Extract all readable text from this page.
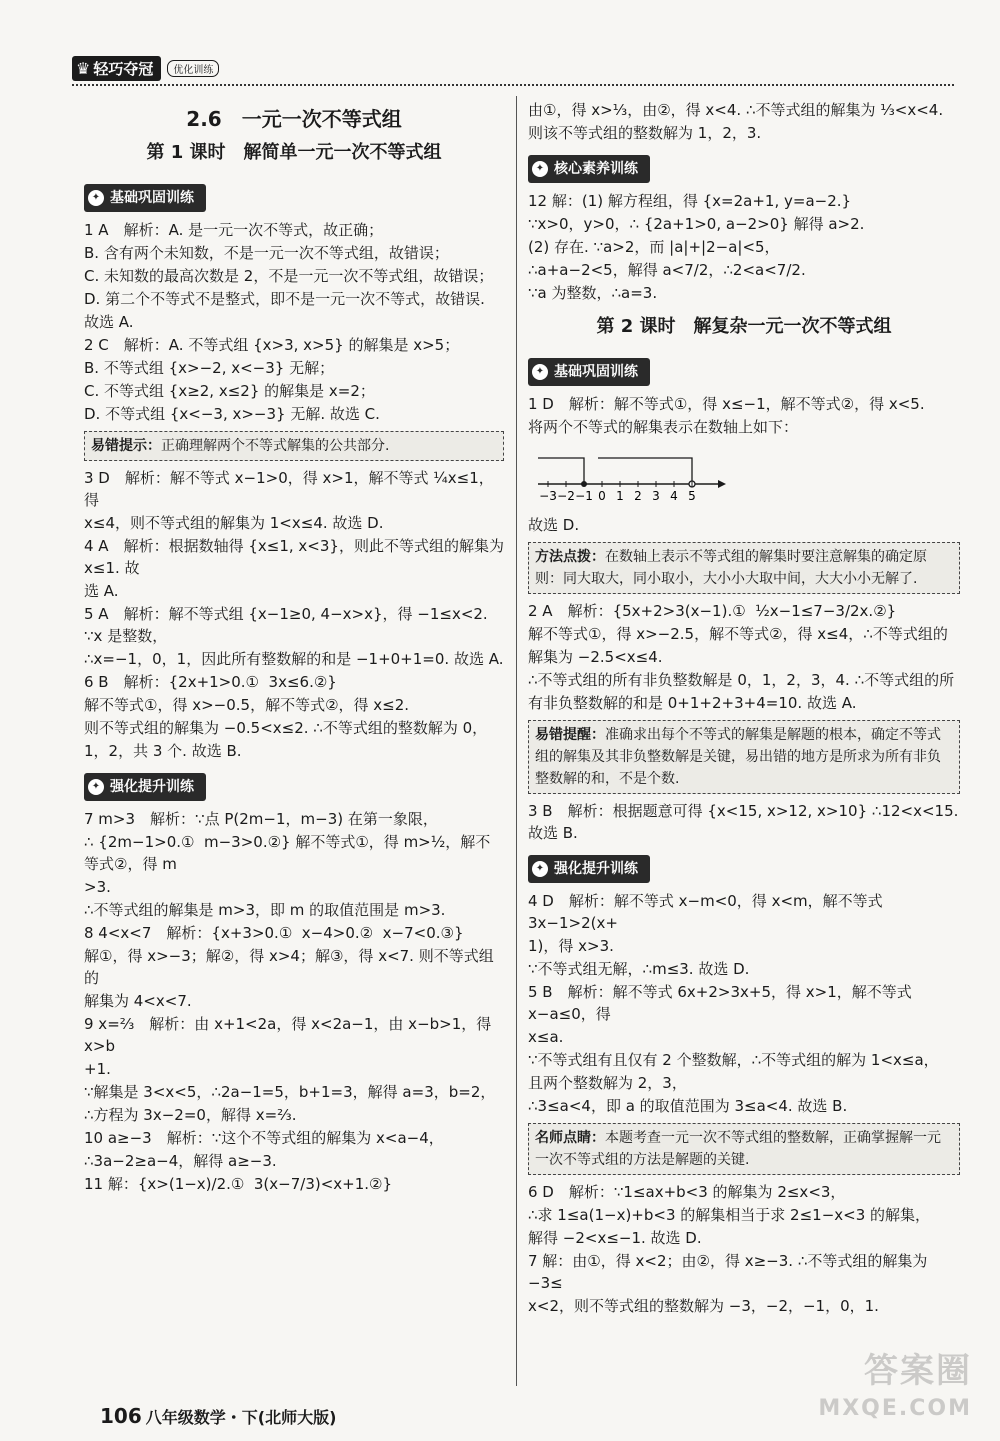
♛ 轻巧夺冠	优化训练
2.6　一元一次不等式组
第 1 课时　解简单一元一次不等式组
✦ 基础巩固训练
1 A　解析：A. 是一元一次不等式，故正确；
B. 含有两个未知数，不是一元一次不等式组，故错误；
C. 未知数的最高次数是 2，不是一元一次不等式组，故错误；
D. 第二个不等式不是整式，即不是一元一次不等式，故错误.
故选 A.
2 C　解析：A. 不等式组 {x>3, x>5} 的解集是 x>5；
B. 不等式组 {x>−2, x<−3} 无解；
C. 不等式组 {x≥2, x≤2} 的解集是 x=2；
D. 不等式组 {x<−3, x>−3} 无解. 故选 C.
易错提示：正确理解两个不等式解集的公共部分.
3 D　解析：解不等式 x−1>0，得 x>1，解不等式 ¼x≤1，得
x≤4，则不等式组的解集为 1<x≤4. 故选 D.
4 A　解析：根据数轴得 {x≤1, x<3}，则此不等式组的解集为 x≤1. 故
选 A.
5 A　解析：解不等式组 {x−1≥0, 4−x>x}，得 −1≤x<2. ∵x 是整数，
∴x=−1，0，1，因此所有整数解的和是 −1+0+1=0. 故选 A.
6 B　解析：{2x+1>0.①  3x≤6.②}
解不等式①，得 x>−0.5，解不等式②，得 x≤2.
则不等式组的解集为 −0.5<x≤2. ∴不等式组的整数解为 0，
1，2，共 3 个. 故选 B.
✦ 强化提升训练
7 m>3　解析：∵点 P(2m−1，m−3) 在第一象限，
∴ {2m−1>0.①  m−3>0.②} 解不等式①，得 m>½，解不等式②，得 m
>3.
∴不等式组的解集是 m>3，即 m 的取值范围是 m>3.
8 4<x<7　解析：{x+3>0.①  x−4>0.②  x−7<0.③}
解①，得 x>−3；解②，得 x>4；解③，得 x<7. 则不等式组的
解集为 4<x<7.
9 x=⅔　解析：由 x+1<2a，得 x<2a−1，由 x−b>1，得 x>b
+1.
∵解集是 3<x<5，∴2a−1=5，b+1=3，解得 a=3，b=2，
∴方程为 3x−2=0，解得 x=⅔.
10 a≥−3　解析：∵这个不等式组的解集为 x<a−4，
∴3a−2≥a−4，解得 a≥−3.
11 解：{x>(1−x)/2.①  3(x−7/3)<x+1.②}
由①，得 x>⅓，由②，得 x<4. ∴不等式组的解集为 ⅓<x<4.
则该不等式组的整数解为 1，2，3.
✦ 核心素养训练
12 解：(1) 解方程组，得 {x=2a+1, y=a−2.}
∵x>0，y>0，∴ {2a+1>0, a−2>0} 解得 a>2.
(2) 存在. ∵a>2，而 |a|+|2−a|<5，
∴a+a−2<5，解得 a<7/2，∴2<a<7/2.
∵a 为整数，∴a=3.
第 2 课时　解复杂一元一次不等式组
✦ 基础巩固训练
1 D　解析：解不等式①，得 x≤−1，解不等式②，得 x<5.
将两个不等式的解集表示在数轴上如下：
−3 −2 −1 0 1 2 3 4 5
故选 D.
方法点拨：在数轴上表示不等式组的解集时要注意解集的确定原则：同大取大，同小取小，大小小大取中间，大大小小无解了.
2 A　解析：{5x+2>3(x−1).①  ½x−1≤7−3/2x.②}
解不等式①，得 x>−2.5，解不等式②，得 x≤4，∴不等式组的
解集为 −2.5<x≤4.
∴不等式组的所有非负整数解是 0，1，2，3，4. ∴不等式组的所
有非负整数解的和是 0+1+2+3+4=10. 故选 A.
易错提醒：准确求出每个不等式的解集是解题的根本，确定不等式组的解集及其非负整数解是关键，易出错的地方是所求为所有非负整数解的和，不是个数.
3 B　解析：根据题意可得 {x<15, x>12, x>10} ∴12<x<15. 故选 B.
✦ 强化提升训练
4 D　解析：解不等式 x−m<0，得 x<m，解不等式 3x−1>2(x+
1)，得 x>3.
∵不等式组无解，∴m≤3. 故选 D.
5 B　解析：解不等式 6x+2>3x+5，得 x>1，解不等式 x−a≤0，得
x≤a.
∵不等式组有且仅有 2 个整数解，∴不等式组的解为 1<x≤a，
且两个整数解为 2，3，
∴3≤a<4，即 a 的取值范围为 3≤a<4. 故选 B.
名师点睛：本题考查一元一次不等式组的整数解，正确掌握解一元一次不等式组的方法是解题的关键.
6 D　解析：∵1≤ax+b<3 的解集为 2≤x<3，
∴求 1≤a(1−x)+b<3 的解集相当于求 2≤1−x<3 的解集，
解得 −2<x≤−1. 故选 D.
7 解：由①，得 x<2；由②，得 x≥−3. ∴不等式组的解集为 −3≤
x<2，则不等式组的整数解为 −3，−2，−1，0，1.
106 八年级数学・下(北师大版)
答案圈
MXQE.COM
